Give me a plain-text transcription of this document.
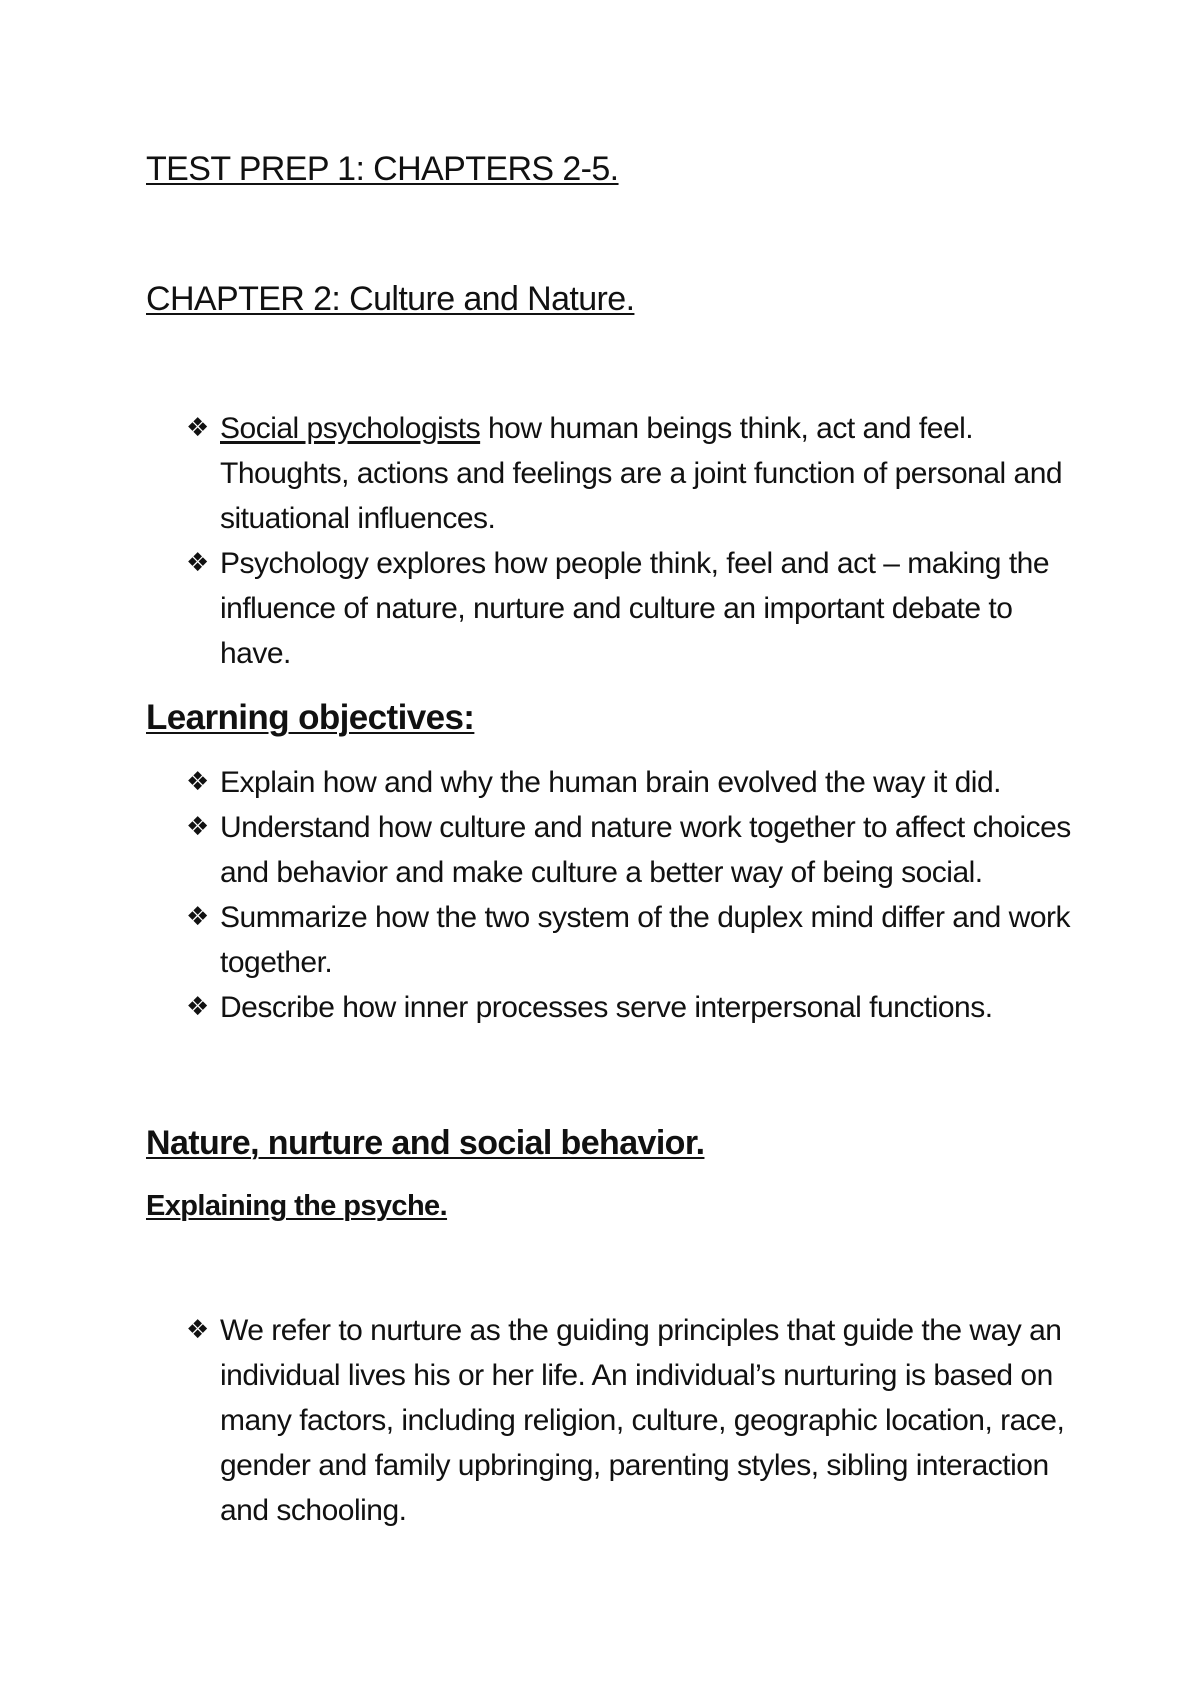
TEST PREP 1: CHAPTERS 2-5.
CHAPTER 2: Culture and Nature.
❖ Social psychologists how human beings think, act and feel. Thoughts, actions and feelings are a joint function of personal and situational influences.
❖ Psychology explores how people think, feel and act – making the influence of nature, nurture and culture an important debate to have.
Learning objectives:
❖ Explain how and why the human brain evolved the way it did.
❖ Understand how culture and nature work together to affect choices and behavior and make culture a better way of being social.
❖ Summarize how the two system of the duplex mind differ and work together.
❖ Describe how inner processes serve interpersonal functions.
Nature, nurture and social behavior.
Explaining the psyche.
❖ We refer to nurture as the guiding principles that guide the way an individual lives his or her life. An individual’s nurturing is based on many factors, including religion, culture, geographic location, race, gender and family upbringing, parenting styles, sibling interaction and schooling.
